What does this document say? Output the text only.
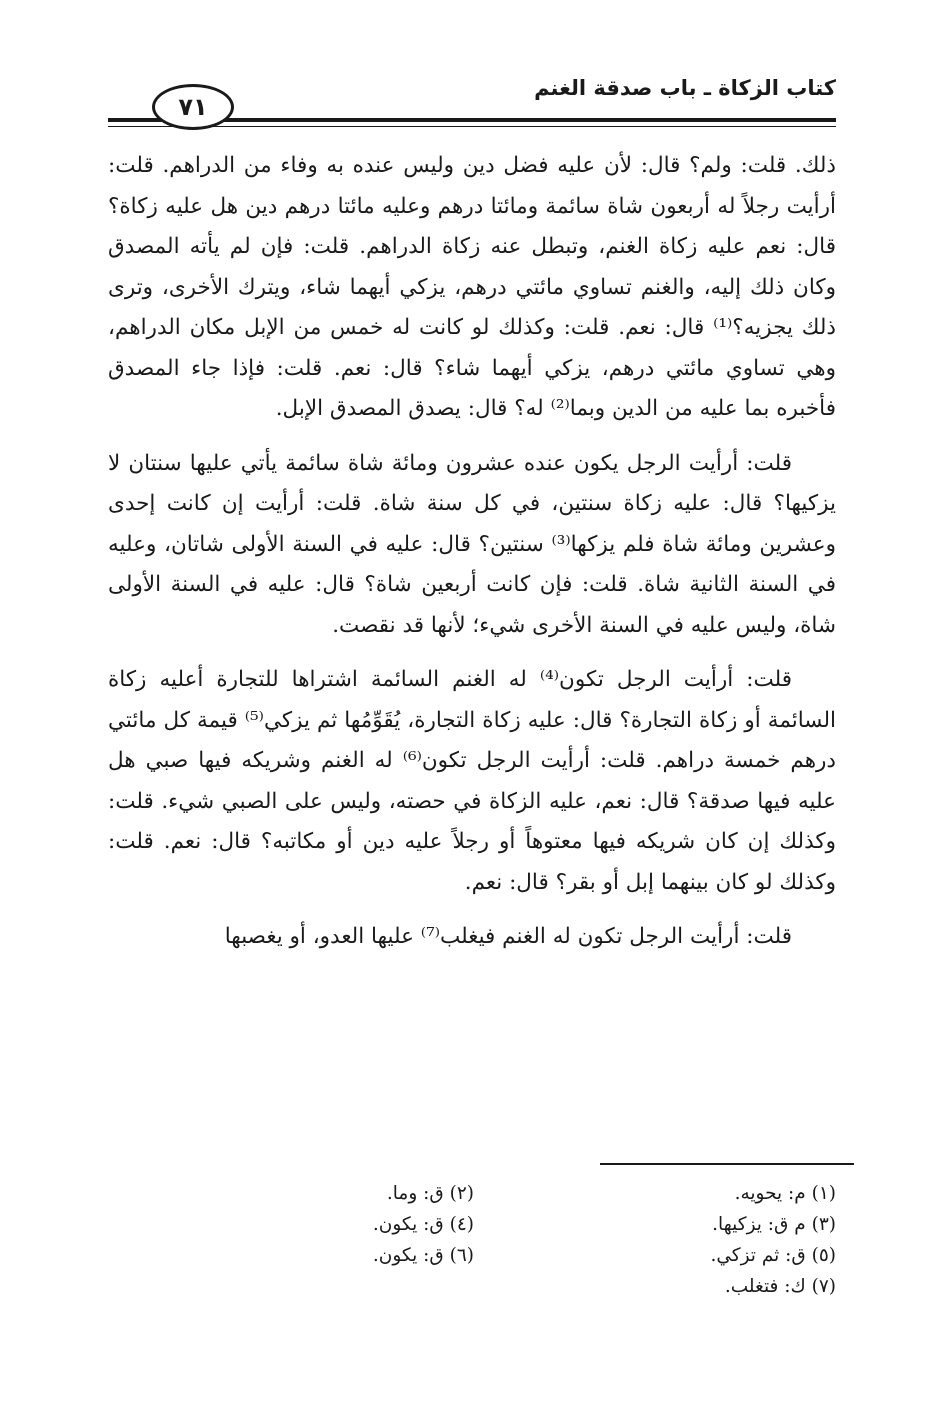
كتاب الزكاة ـ باب صدقة الغنم
٧١

ذلك. قلت: ولم؟ قال: لأن عليه فضل دين وليس عنده به وفاء من الدراهم. قلت: أرأيت رجلاً له أربعون شاة سائمة ومائتا درهم وعليه مائتا درهم دين هل عليه زكاة؟ قال: نعم عليه زكاة الغنم، وتبطل عنه زكاة الدراهم. قلت: فإن لم يأته المصدق وكان ذلك إليه، والغنم تساوي مائتي درهم، يزكي أيهما شاء، ويترك الأخرى، وترى ذلك يجزيه؟⁽¹⁾ قال: نعم. قلت: وكذلك لو كانت له خمس من الإبل مكان الدراهم، وهي تساوي مائتي درهم، يزكي أيهما شاء؟ قال: نعم. قلت: فإذا جاء المصدق فأخبره بما عليه من الدين وبما⁽²⁾ له؟ قال: يصدق المصدق الإبل.

قلت: أرأيت الرجل يكون عنده عشرون ومائة شاة سائمة يأتي عليها سنتان لا يزكيها؟ قال: عليه زكاة سنتين، في كل سنة شاة. قلت: أرأيت إن كانت إحدى وعشرين ومائة شاة فلم يزكها⁽³⁾ سنتين؟ قال: عليه في السنة الأولى شاتان، وعليه في السنة الثانية شاة. قلت: فإن كانت أربعين شاة؟ قال: عليه في السنة الأولى شاة، وليس عليه في السنة الأخرى شيء؛ لأنها قد نقصت.

قلت: أرأيت الرجل تكون⁽⁴⁾ له الغنم السائمة اشتراها للتجارة أعليه زكاة السائمة أو زكاة التجارة؟ قال: عليه زكاة التجارة، يُقَوِّمُها ثم يزكي⁽⁵⁾ قيمة كل مائتي درهم خمسة دراهم. قلت: أرأيت الرجل تكون⁽⁶⁾ له الغنم وشريكه فيها صبي هل عليه فيها صدقة؟ قال: نعم، عليه الزكاة في حصته، وليس على الصبي شيء. قلت: وكذلك إن كان شريكه فيها معتوهاً أو رجلاً عليه دين أو مكاتبه؟ قال: نعم. قلت: وكذلك لو كان بينهما إبل أو بقر؟ قال: نعم.

قلت: أرأيت الرجل تكون له الغنم فيغلب⁽⁷⁾ عليها العدو، أو يغصبها

(١) م: يحويه.
(٣) م ق: يزكيها.
(٥) ق: ثم تزكي.
(٧) ك: فتغلب.
(٢) ق: وما.
(٤) ق: يكون.
(٦) ق: يكون.
